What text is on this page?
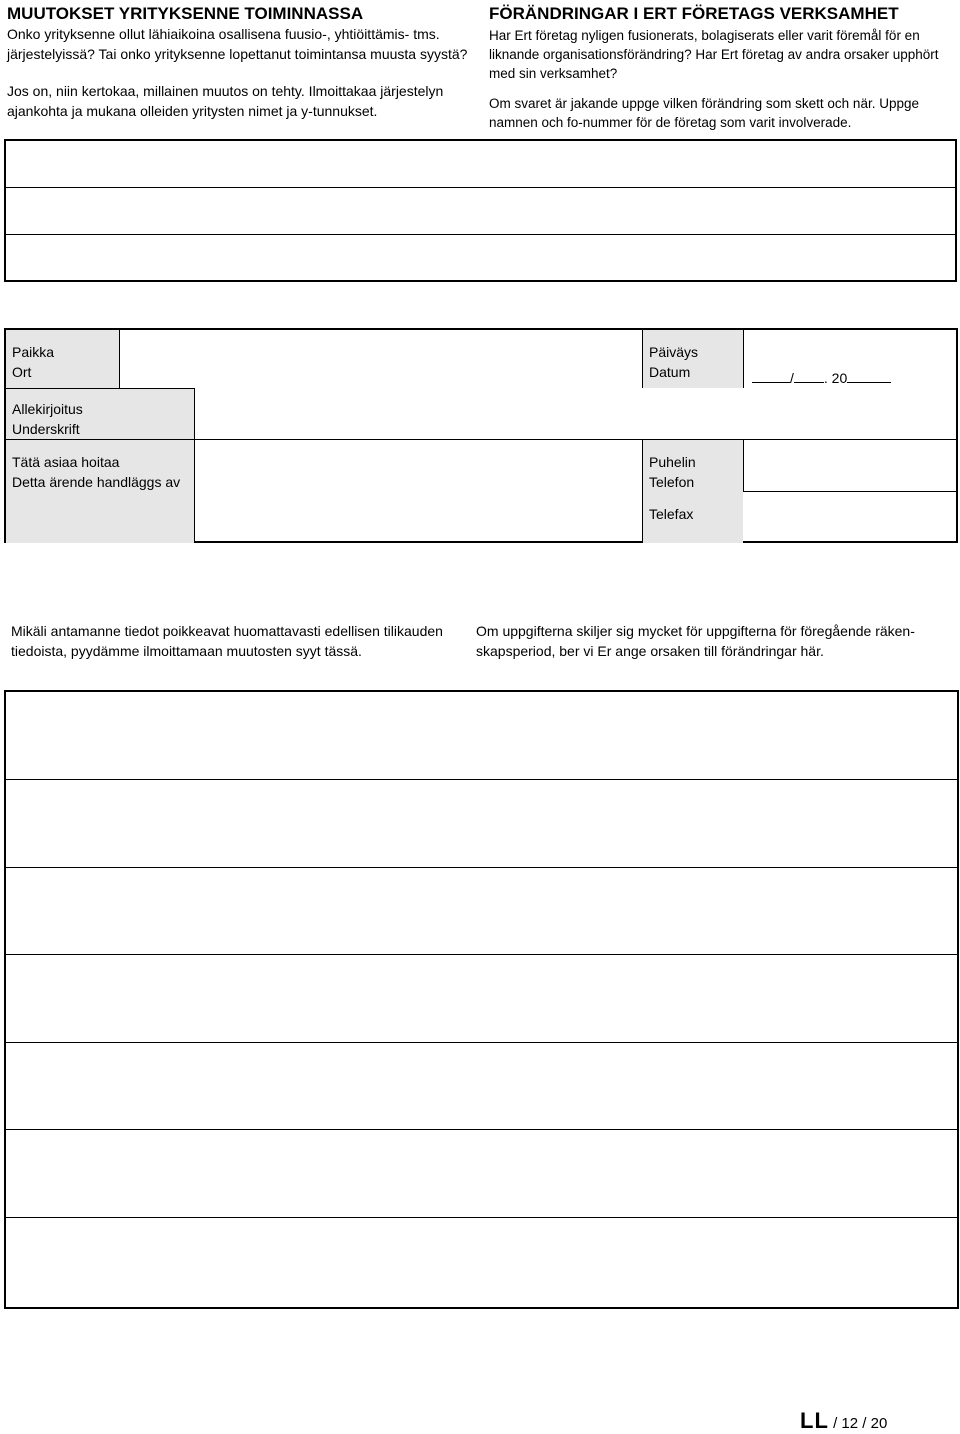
MUUTOKSET YRITYKSENNE TOIMINNASSA
Onko yrityksenne ollut lähiaikoina osallisena fuusio-, yhtiöittämis- tms.
järjestelyissä? Tai onko yrityksenne lopettanut toimintansa muusta syystä?
Jos on, niin kertokaa, millainen muutos on tehty. Ilmoittakaa järjestelyn
ajankohta ja mukana olleiden yritysten nimet ja y-tunnukset.
FÖRÄNDRINGAR I ERT FÖRETAGS VERKSAMHET
Har Ert företag nyligen fusionerats, bolagiserats eller varit föremål för en
liknande organisationsförändring? Har Ert företag av andra orsaker upphört
med sin verksamhet?
Om svaret är jakande uppge vilken förändring som skett och när. Uppge
namnen och fo-nummer för de företag som varit involverade.
Paikka
Ort
Päiväys
Datum	/ . 20
Allekirjoitus
Underskrift
Tätä asiaa hoitaa
Detta ärende handläggs av
Puhelin
Telefon
Telefax
Mikäli antamanne tiedot poikkeavat huomattavasti edellisen tilikauden
tiedoista, pyydämme ilmoittamaan muutosten syyt tässä.
Om uppgifterna skiljer sig mycket för uppgifterna för föregående räken-
skapsperiod, ber vi Er ange orsaken till förändringar här.
LL / 12 / 20
